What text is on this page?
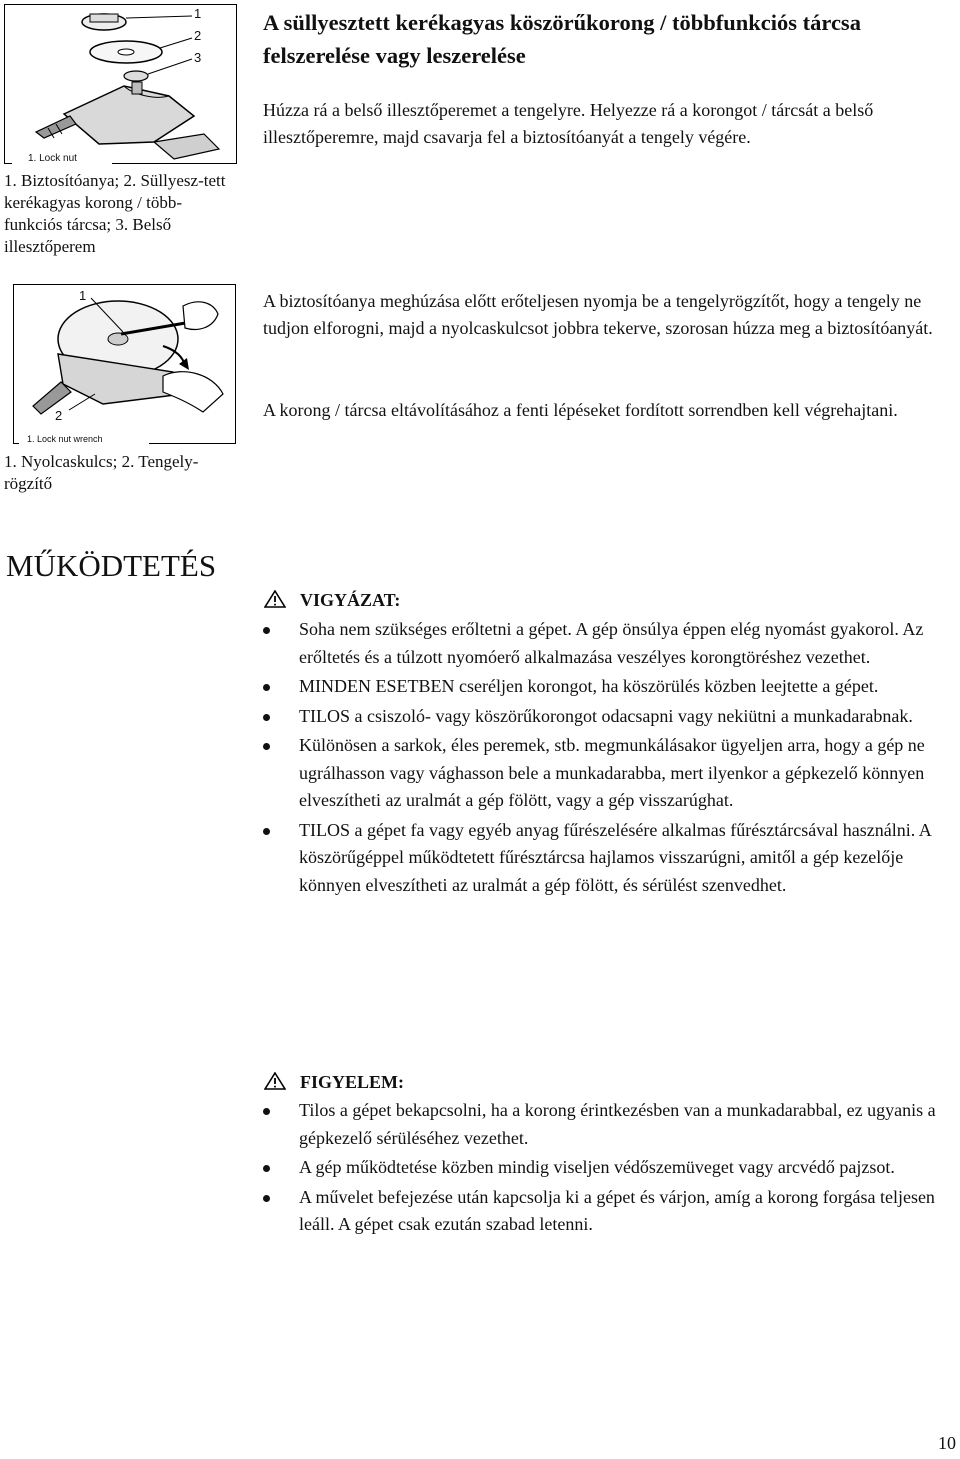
1
2
3
1. Lock nut
1. Biztosítóanya; 2. Süllyesz-tett kerékagyas korong / több-funkciós tárcsa; 3. Belső illesztőperem
A süllyesztett kerékagyas köszörűkorong / többfunkciós tárcsa felszerelése vagy leszerelése
Húzza rá a belső illesztőperemet a tengelyre. Helyezze rá a korongot / tárcsát a belső illesztőperemre, majd csavarja fel a biztosítóanyát a tengely végére.
1
2
1. Lock nut wrench
1. Nyolcaskulcs; 2. Tengely-rögzítő
A biztosítóanya meghúzása előtt erőteljesen nyomja be a tengelyrögzítőt, hogy a tengely ne tudjon elforogni, majd a nyolcaskulcsot jobbra tekerve, szorosan húzza meg a biztosítóanyát.
A korong / tárcsa eltávolításához a fenti lépéseket fordított sorrendben kell végrehajtani.
MŰKÖDTETÉS
VIGYÁZAT:
Soha nem szükséges erőltetni a gépet. A gép önsúlya éppen elég nyomást gyakorol. Az erőltetés és a túlzott nyomóerő alkalmazása veszélyes korongtöréshez vezethet.
MINDEN ESETBEN cseréljen korongot, ha köszörülés közben leejtette a gépet.
TILOS a csiszoló- vagy köszörűkorongot odacsapni vagy nekiütni a munkadarabnak.
Különösen a sarkok, éles peremek, stb. megmunkálásakor ügyeljen arra, hogy a gép ne ugrálhasson vagy vághasson bele a munkadarabba, mert ilyenkor a gépkezelő könnyen elveszítheti az uralmát a gép fölött, vagy a gép visszarúghat.
TILOS a gépet fa vagy egyéb anyag fűrészelésére alkalmas fűrésztárcsával használni. A köszörűgéppel működtetett fűrésztárcsa hajlamos visszarúgni, amitől a gép kezelője könnyen elveszítheti az uralmát a gép fölött, és sérülést szenvedhet.
FIGYELEM:
Tilos a gépet bekapcsolni, ha a korong érintkezésben van a munkadarabbal, ez ugyanis a gépkezelő sérüléséhez vezethet.
A gép működtetése közben mindig viseljen védőszemüveget vagy arcvédő pajzsot.
A művelet befejezése után kapcsolja ki a gépet és várjon, amíg a korong forgása teljesen leáll. A gépet csak ezután szabad letenni.
10
